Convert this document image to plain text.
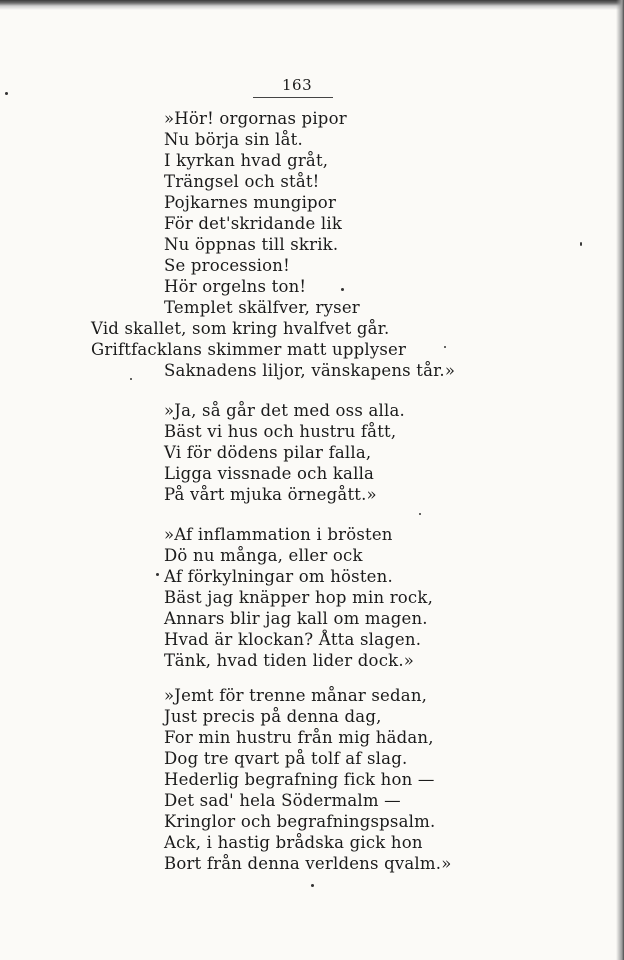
163
»Hör! orgornas pipor
Nu börja sin låt.
I kyrkan hvad gråt,
Trängsel och ståt!
Pojkarnes mungipor
För det'skridande lik
Nu öppnas till skrik.
Se procession!
Hör orgelns ton!
Templet skälfver, ryser
Vid skallet, som kring hvalfvet går.
Griftfacklans skimmer matt upplyser
Saknadens liljor, vänskapens tår.»
»Ja, så går det med oss alla.
Bäst vi hus och hustru fått,
Vi för dödens pilar falla,
Ligga vissnade och kalla
På vårt mjuka örnegått.»
»Af inflammation i brösten
Dö nu många, eller ock
Af förkylningar om hösten.
Bäst jag knäpper hop min rock,
Annars blir jag kall om magen.
Hvad är klockan? Åtta slagen.
Tänk, hvad tiden lider dock.»
»Jemt för trenne månar sedan,
Just precis på denna dag,
For min hustru från mig hädan,
Dog tre qvart på tolf af slag.
Hederlig begrafning fick hon —
Det sad' hela Södermalm —
Kringlor och begrafningspsalm.
Ack, i hastig brådska gick hon
Bort från denna verldens qvalm.»
